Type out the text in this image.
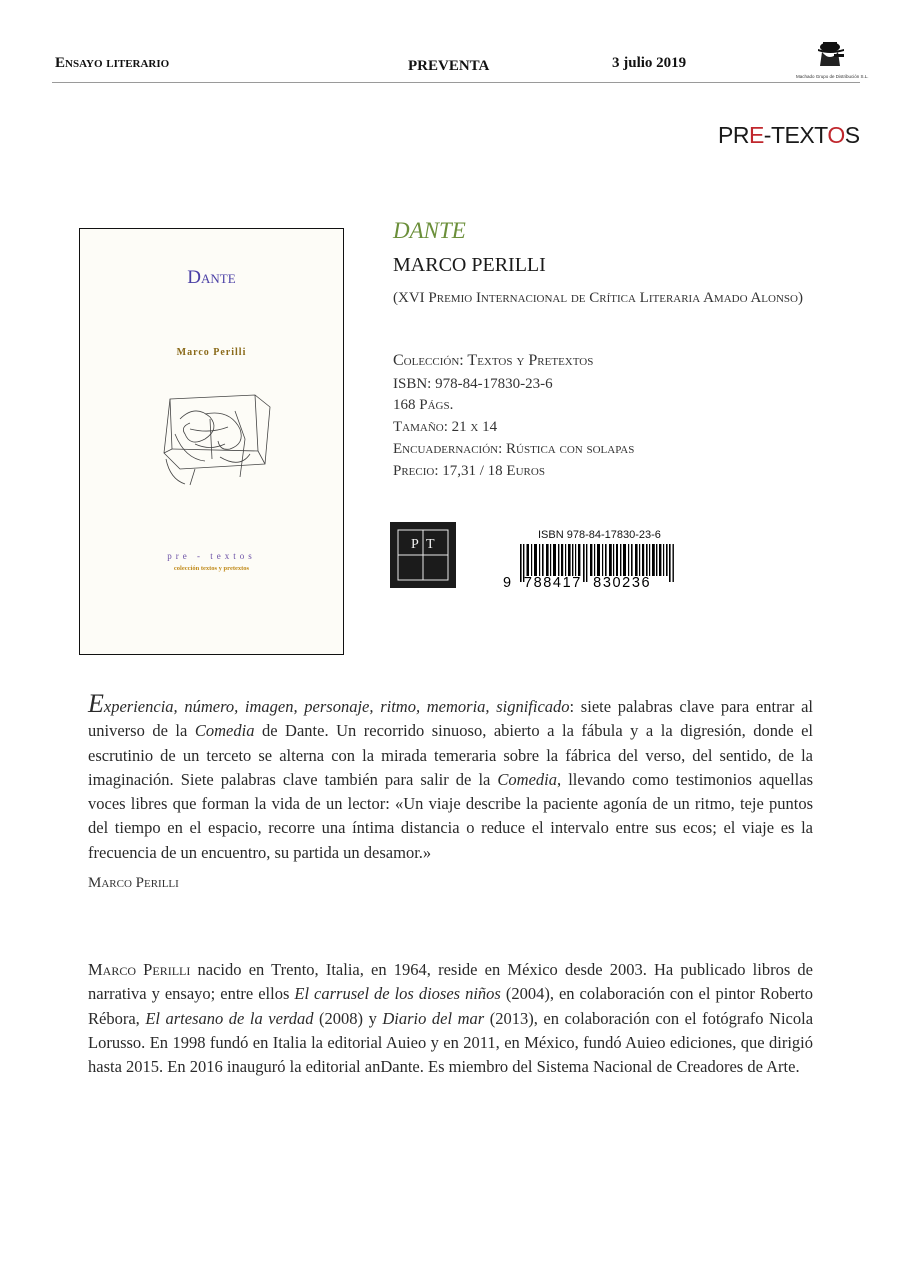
Ensayo literario	PREVENTA	3 julio 2019
Machado Grupo de Distribución S.L.
PRE-TEXTOS
Dante
Marco Perilli
pre - textos
colección textos y pretextos
DANTE
MARCO PERILLI
(XVI Premio Internacional de Crítica Literaria Amado Alonso)
Colección: Textos y Pretextos
ISBN: 978-84-17830-23-6
168 Págs.
Tamaño: 21 x 14
Encuadernación: Rústica con solapas
Precio: 17,31 / 18 Euros
P T
ISBN 978-84-17830-23-6
9  788417  830236
Experiencia, número, imagen, personaje, ritmo, memoria, significado: siete palabras clave para entrar al universo de la Comedia de Dante. Un recorrido sinuoso, abierto a la fábula y a la digresión, donde el escrutinio de un terceto se alterna con la mirada temeraria sobre la fábrica del verso, del sentido, de la imaginación. Siete palabras clave también para salir de la Comedia, llevando como testimonios aquellas voces libres que forman la vida de un lector: «Un viaje describe la paciente agonía de un ritmo, teje puntos del tiempo en el espacio, recorre una íntima distancia o reduce el intervalo entre sus ecos; el viaje es la frecuencia de un encuentro, su partida un desamor.»
Marco Perilli
Marco Perilli nacido en Trento, Italia, en 1964, reside en México desde 2003. Ha publicado libros de narrativa y ensayo; entre ellos El carrusel de los dioses niños (2004), en colaboración con el pintor Roberto Rébora, El artesano de la verdad (2008) y Diario del mar (2013), en colaboración con el fotógrafo Nicola Lorusso. En 1998 fundó en Italia la editorial Auieo y en 2011, en México, fundó Auieo ediciones, que dirigió hasta 2015. En 2016 inauguró la editorial anDante. Es miembro del Sistema Nacional de Creadores de Arte.
